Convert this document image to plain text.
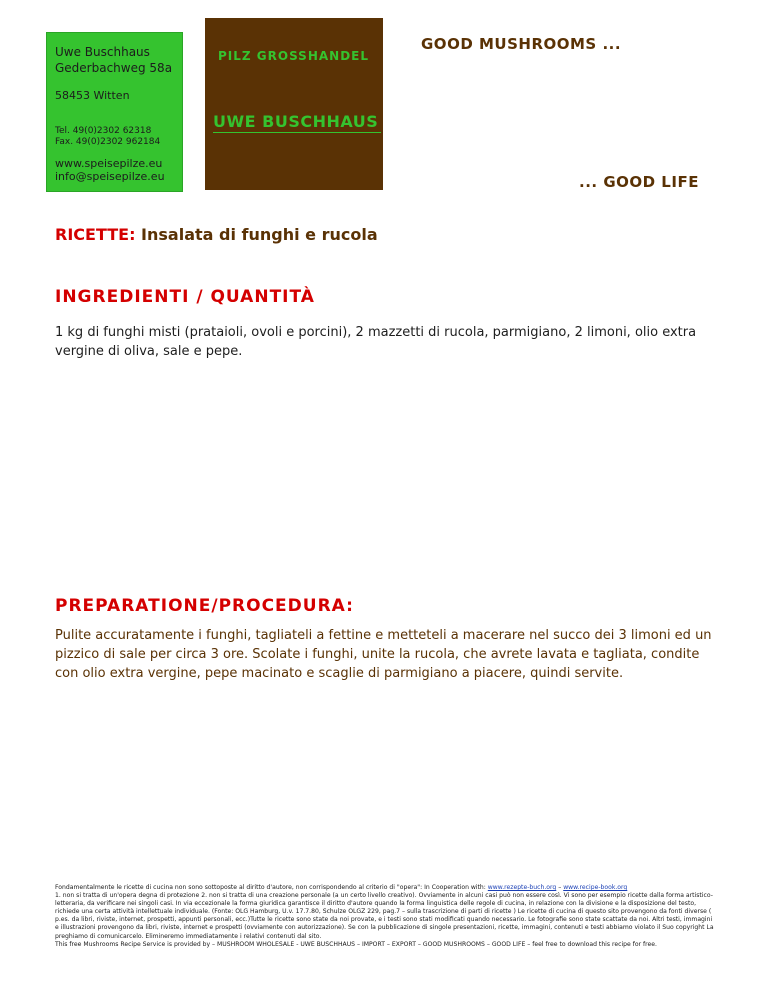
Uwe Buschhaus
Gederbachweg 58a
58453 Witten
Tel. 49(0)2302 62318
Fax. 49(0)2302 962184
www.speisepilze.eu
info@speisepilze.eu
PILZ GROSSHANDEL
UWE BUSCHHAUS
GOOD MUSHROOMS ...
... GOOD LIFE
RICETTE: Insalata di funghi e rucola
INGREDIENTI / QUANTITÀ
1 kg di funghi misti (prataioli, ovoli e porcini), 2 mazzetti di rucola, parmigiano, 2 limoni, olio extra vergine di oliva, sale e pepe.
PREPARATIONE/PROCEDURA:
Pulite accuratamente i funghi, tagliateli a fettine e metteteli a macerare nel succo dei 3 limoni ed un pizzico di sale per circa 3 ore. Scolate i funghi, unite la rucola, che avrete lavata e tagliata, condite con olio extra vergine, pepe macinato e scaglie di parmigiano a piacere, quindi servite.
Fondamentalmente le ricette di cucina non sono sottoposte al diritto d'autore, non corrispondendo al criterio di "opera": In Cooperation with: www.rezepte-buch.org – www.recipe-book.org
1. non si tratta di un'opera degna di protezione 2. non si tratta di una creazione personale (a un certo livello creativo). Ovviamente in alcuni casi può non essere così. Vi sono per esempio ricette dalla forma artistico- letteraria, da verificare nei singoli casi. In via eccezionale la forma giuridica garantisce il diritto d'autore quando la forma linguistica delle regole di cucina, in relazione con la divisione e la disposizione del testo, richiede una certa attività intellettuale individuale. (Fonte: OLG Hamburg, U.v. 17.7.80, Schulze OLGZ 229, pag.7 – sulla trascrizione di parti di ricette ) Le ricette di cucina di questo sito provengono da fonti diverse ( p.es. da libri, riviste, internet, prospetti, appunti personali, ecc.)Tutte le ricette sono state da noi provate, e i testi sono stati modificati quando necessario. Le fotografie sono state scattate da noi. Altri testi, immagini e illustrazioni provengono da libri, riviste, internet e prospetti (ovviamente con autorizzazione). Se con la pubblicazione di singole presentazioni, ricette, immagini, contenuti e testi abbiamo violato il Suo copyright La preghiamo di comunicarcelo. Elimineremo immediatamente i relativi contenuti dal sito.
This free Mushrooms Recipe Service is provided by – MUSHROOM WHOLESALE - UWE BUSCHHAUS – IMPORT – EXPORT – GOOD MUSHROOMS – GOOD LIFE – feel free to download this recipe for free.
